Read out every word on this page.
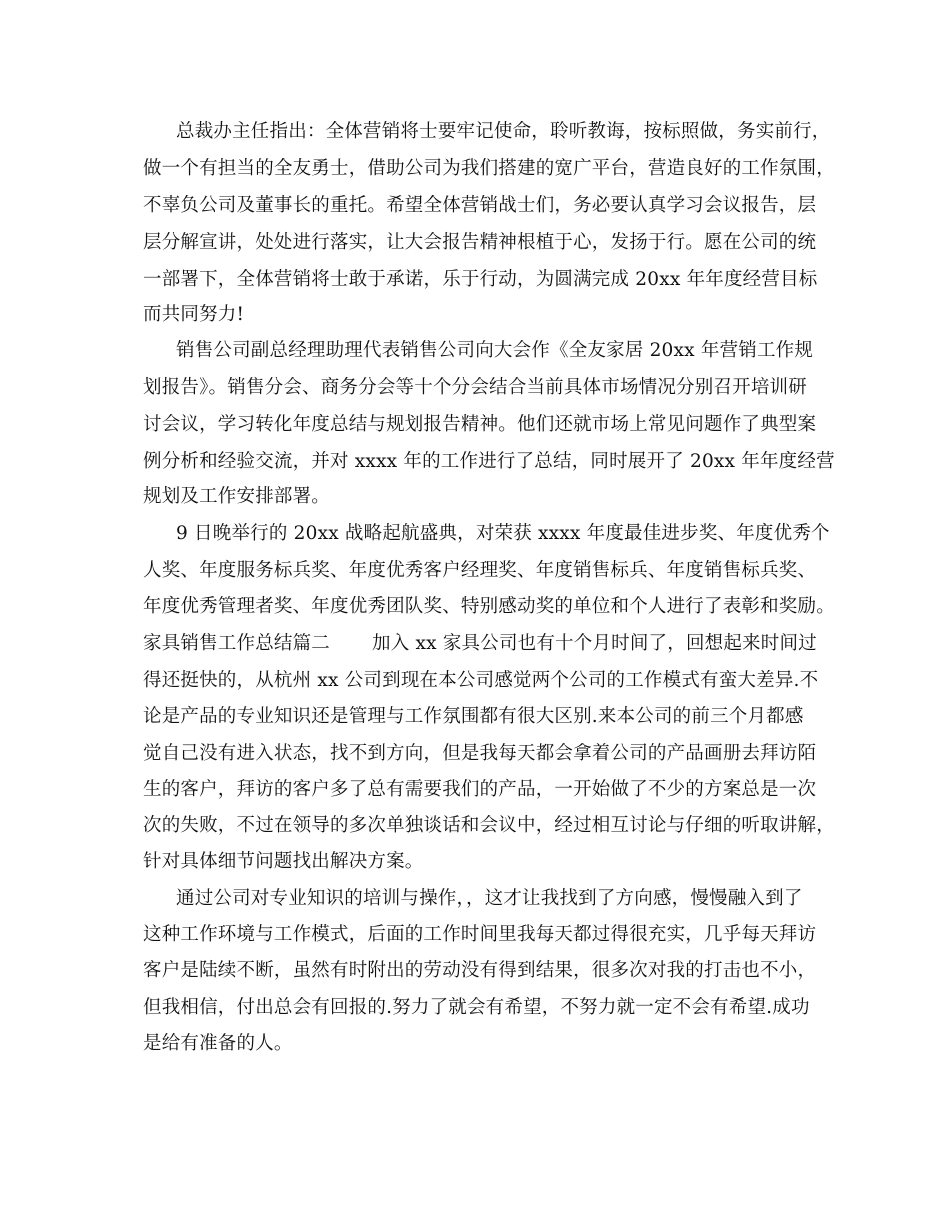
总裁办主任指出：全体营销将士要牢记使命，聆听教诲，按标照做，务实前行，
做一个有担当的全友勇士，借助公司为我们搭建的宽广平台，营造良好的工作氛围，
不辜负公司及董事长的重托。希望全体营销战士们，务必要认真学习会议报告，层
层分解宣讲，处处进行落实，让大会报告精神根植于心，发扬于行。愿在公司的统
一部署下，全体营销将士敢于承诺，乐于行动，为圆满完成 20xx 年年度经营目标
而共同努力!
销售公司副总经理助理代表销售公司向大会作《全友家居 20xx 年营销工作规
划报告》。销售分会、商务分会等十个分会结合当前具体市场情况分别召开培训研
讨会议，学习转化年度总结与规划报告精神。他们还就市场上常见问题作了典型案
例分析和经验交流，并对 xxxx 年的工作进行了总结，同时展开了 20xx 年年度经营
规划及工作安排部署。
9 日晚举行的 20xx 战略起航盛典，对荣获 xxxx 年度最佳进步奖、年度优秀个
人奖、年度服务标兵奖、年度优秀客户经理奖、年度销售标兵、年度销售标兵奖、
年度优秀管理者奖、年度优秀团队奖、特别感动奖的单位和个人进行了表彰和奖励。
家具销售工作总结篇二 加入 xx 家具公司也有十个月时间了，回想起来时间过
得还挺快的，从杭州 xx 公司到现在本公司感觉两个公司的工作模式有蛮大差异.不
论是产品的专业知识还是管理与工作氛围都有很大区别.来本公司的前三个月都感
觉自己没有进入状态，找不到方向，但是我每天都会拿着公司的产品画册去拜访陌
生的客户，拜访的客户多了总有需要我们的产品，一开始做了不少的方案总是一次
次的失败，不过在领导的多次单独谈话和会议中，经过相互讨论与仔细的听取讲解，
针对具体细节问题找出解决方案。
通过公司对专业知识的培训与操作，，这才让我找到了方向感，慢慢融入到了
这种工作环境与工作模式，后面的工作时间里我每天都过得很充实，几乎每天拜访
客户是陆续不断，虽然有时附出的劳动没有得到结果，很多次对我的打击也不小，
但我相信，付出总会有回报的.努力了就会有希望，不努力就一定不会有希望.成功
是给有准备的人。
